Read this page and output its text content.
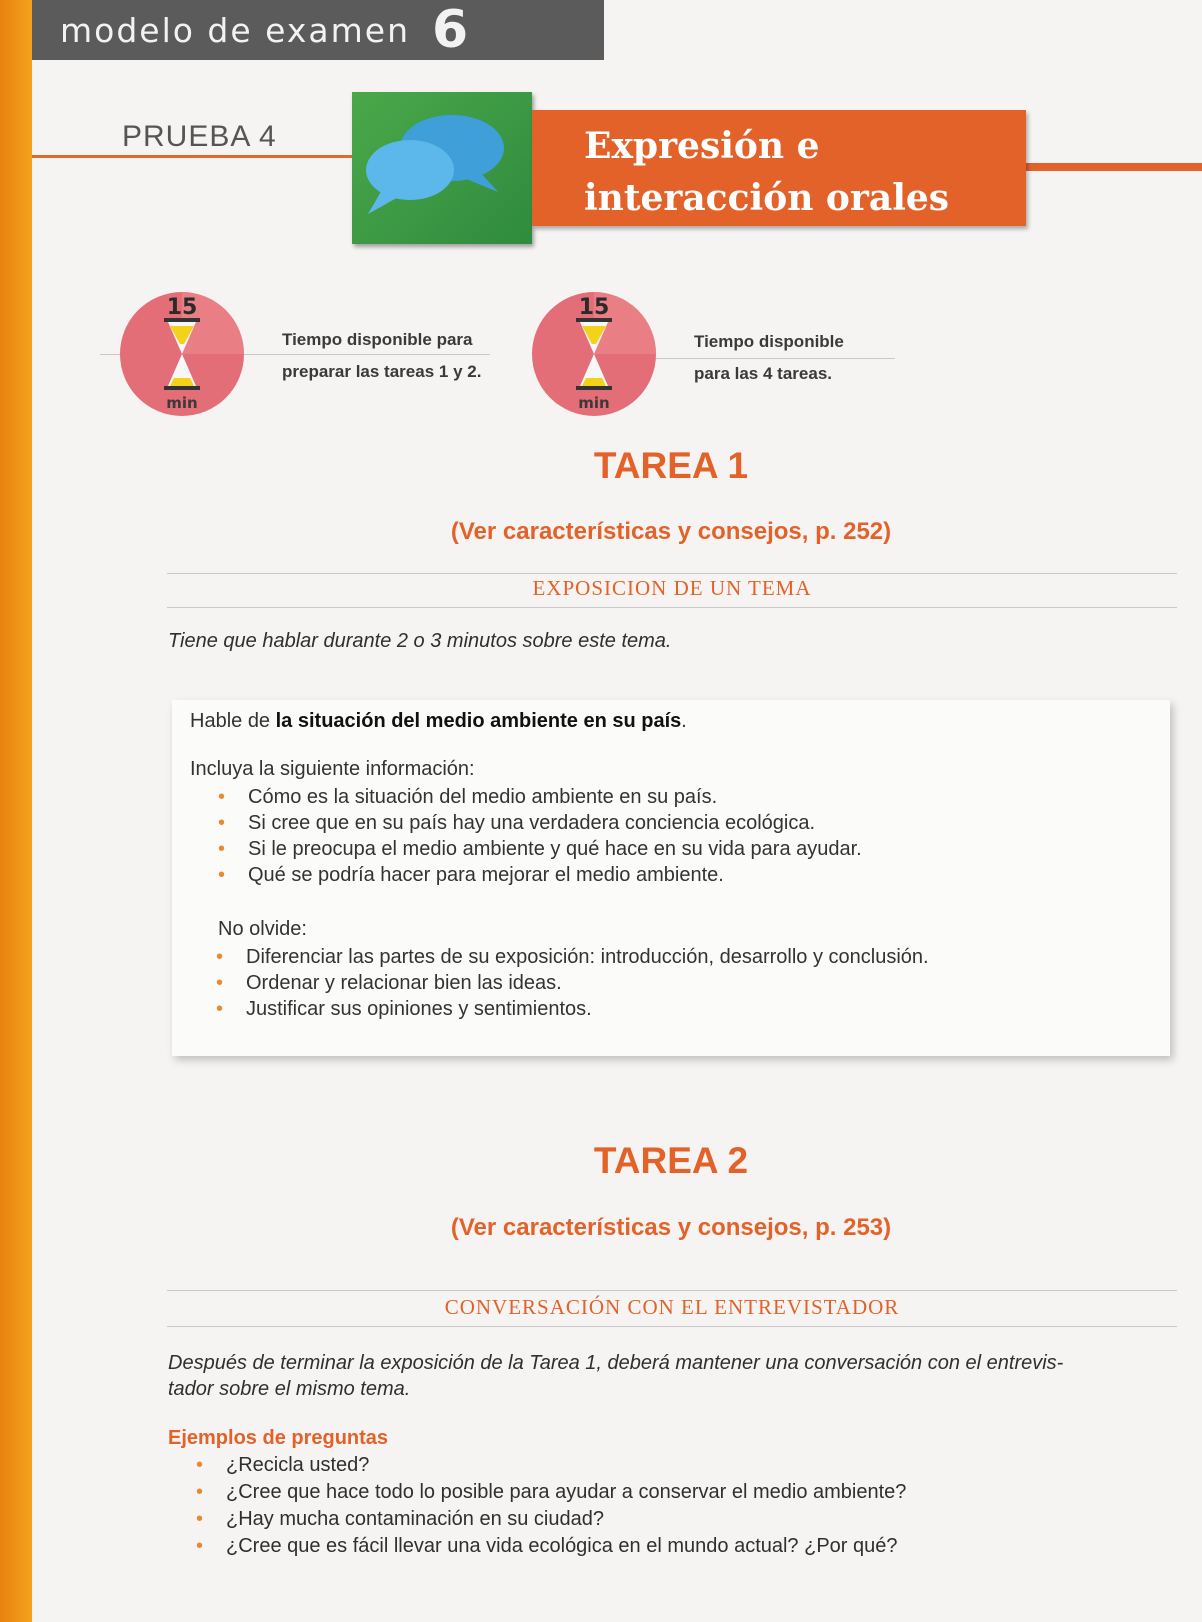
modelo de examen 6
PRUEBA 4	Expresión e
interacción orales
15
min
Tiempo disponible para
preparar las tareas 1 y 2.
15
min
Tiempo disponible
para las 4 tareas.
TAREA 1
(Ver características y consejos, p. 252)
EXPOSICION DE UN TEMA
Tiene que hablar durante 2 o 3 minutos sobre este tema.

Hable de la situación del medio ambiente en su país.

Incluya la siguiente información:

• Cómo es la situación del medio ambiente en su país.
• Si cree que en su país hay una verdadera conciencia ecológica.
• Si le preocupa el medio ambiente y qué hace en su vida para ayudar.
• Qué se podría hacer para mejorar el medio ambiente.

No olvide:

• Diferenciar las partes de su exposición: introducción, desarrollo y conclusión.
• Ordenar y relacionar bien las ideas.
• Justificar sus opiniones y sentimientos.
TAREA 2
(Ver características y consejos, p. 253)
CONVERSACIÓN CON EL ENTREVISTADOR
Después de terminar la exposición de la Tarea 1, deberá mantener una conversación con el entrevis-
tador sobre el mismo tema.
Ejemplos de preguntas
• ¿Recicla usted?
• ¿Cree que hace todo lo posible para ayudar a conservar el medio ambiente?
• ¿Hay mucha contaminación en su ciudad?
• ¿Cree que es fácil llevar una vida ecológica en el mundo actual? ¿Por qué?
